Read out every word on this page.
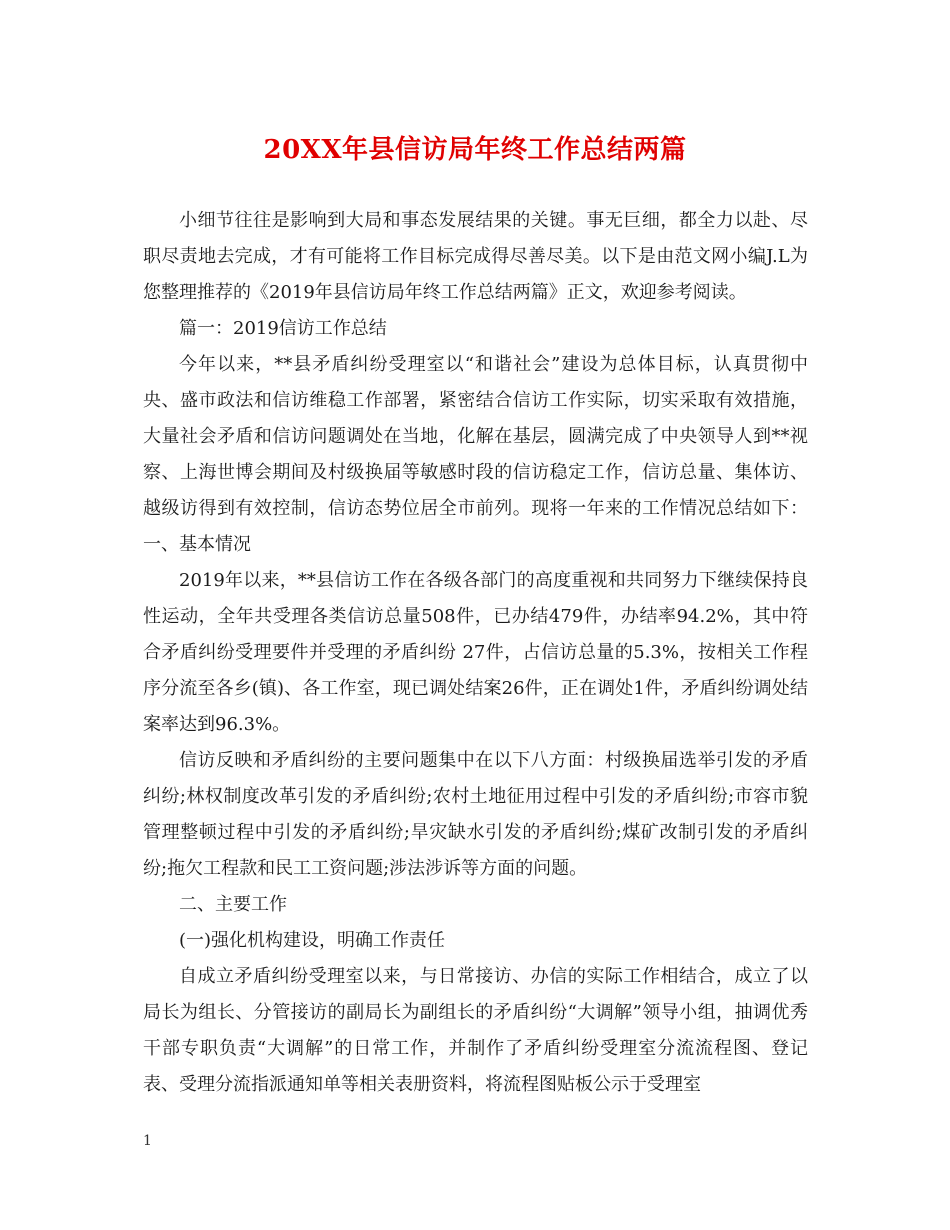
20XX年县信访局年终工作总结两篇

小细节往往是影响到大局和事态发展结果的关键。事无巨细，都全力以赴、尽职尽责地去完成，才有可能将工作目标完成得尽善尽美。以下是由范文网小编J.L为您整理推荐的《2019年县信访局年终工作总结两篇》正文，欢迎参考阅读。

篇一：2019信访工作总结

今年以来，**县矛盾纠纷受理室以“和谐社会”建设为总体目标，认真贯彻中央、盛市政法和信访维稳工作部署，紧密结合信访工作实际，切实采取有效措施，大量社会矛盾和信访问题调处在当地，化解在基层，圆满完成了中央领导人到**视察、上海世博会期间及村级换届等敏感时段的信访稳定工作，信访总量、集体访、越级访得到有效控制，信访态势位居全市前列。现将一年来的工作情况总结如下：一、基本情况

2019年以来，**县信访工作在各级各部门的高度重视和共同努力下继续保持良性运动，全年共受理各类信访总量508件，已办结479件，办结率94.2%，其中符合矛盾纠纷受理要件并受理的矛盾纠纷 27件，占信访总量的5.3%，按相关工作程序分流至各乡(镇)、各工作室，现已调处结案26件，正在调处1件，矛盾纠纷调处结案率达到96.3%。

信访反映和矛盾纠纷的主要问题集中在以下八方面：村级换届选举引发的矛盾纠纷;林权制度改革引发的矛盾纠纷;农村土地征用过程中引发的矛盾纠纷;市容市貌管理整顿过程中引发的矛盾纠纷;旱灾缺水引发的矛盾纠纷;煤矿改制引发的矛盾纠纷;拖欠工程款和民工工资问题;涉法涉诉等方面的问题。

二、主要工作

(一)强化机构建设，明确工作责任

自成立矛盾纠纷受理室以来，与日常接访、办信的实际工作相结合，成立了以局长为组长、分管接访的副局长为副组长的矛盾纠纷“大调解”领导小组，抽调优秀干部专职负责“大调解”的日常工作，并制作了矛盾纠纷受理室分流流程图、登记表、受理分流指派通知单等相关表册资料，将流程图贴板公示于受理室

1
